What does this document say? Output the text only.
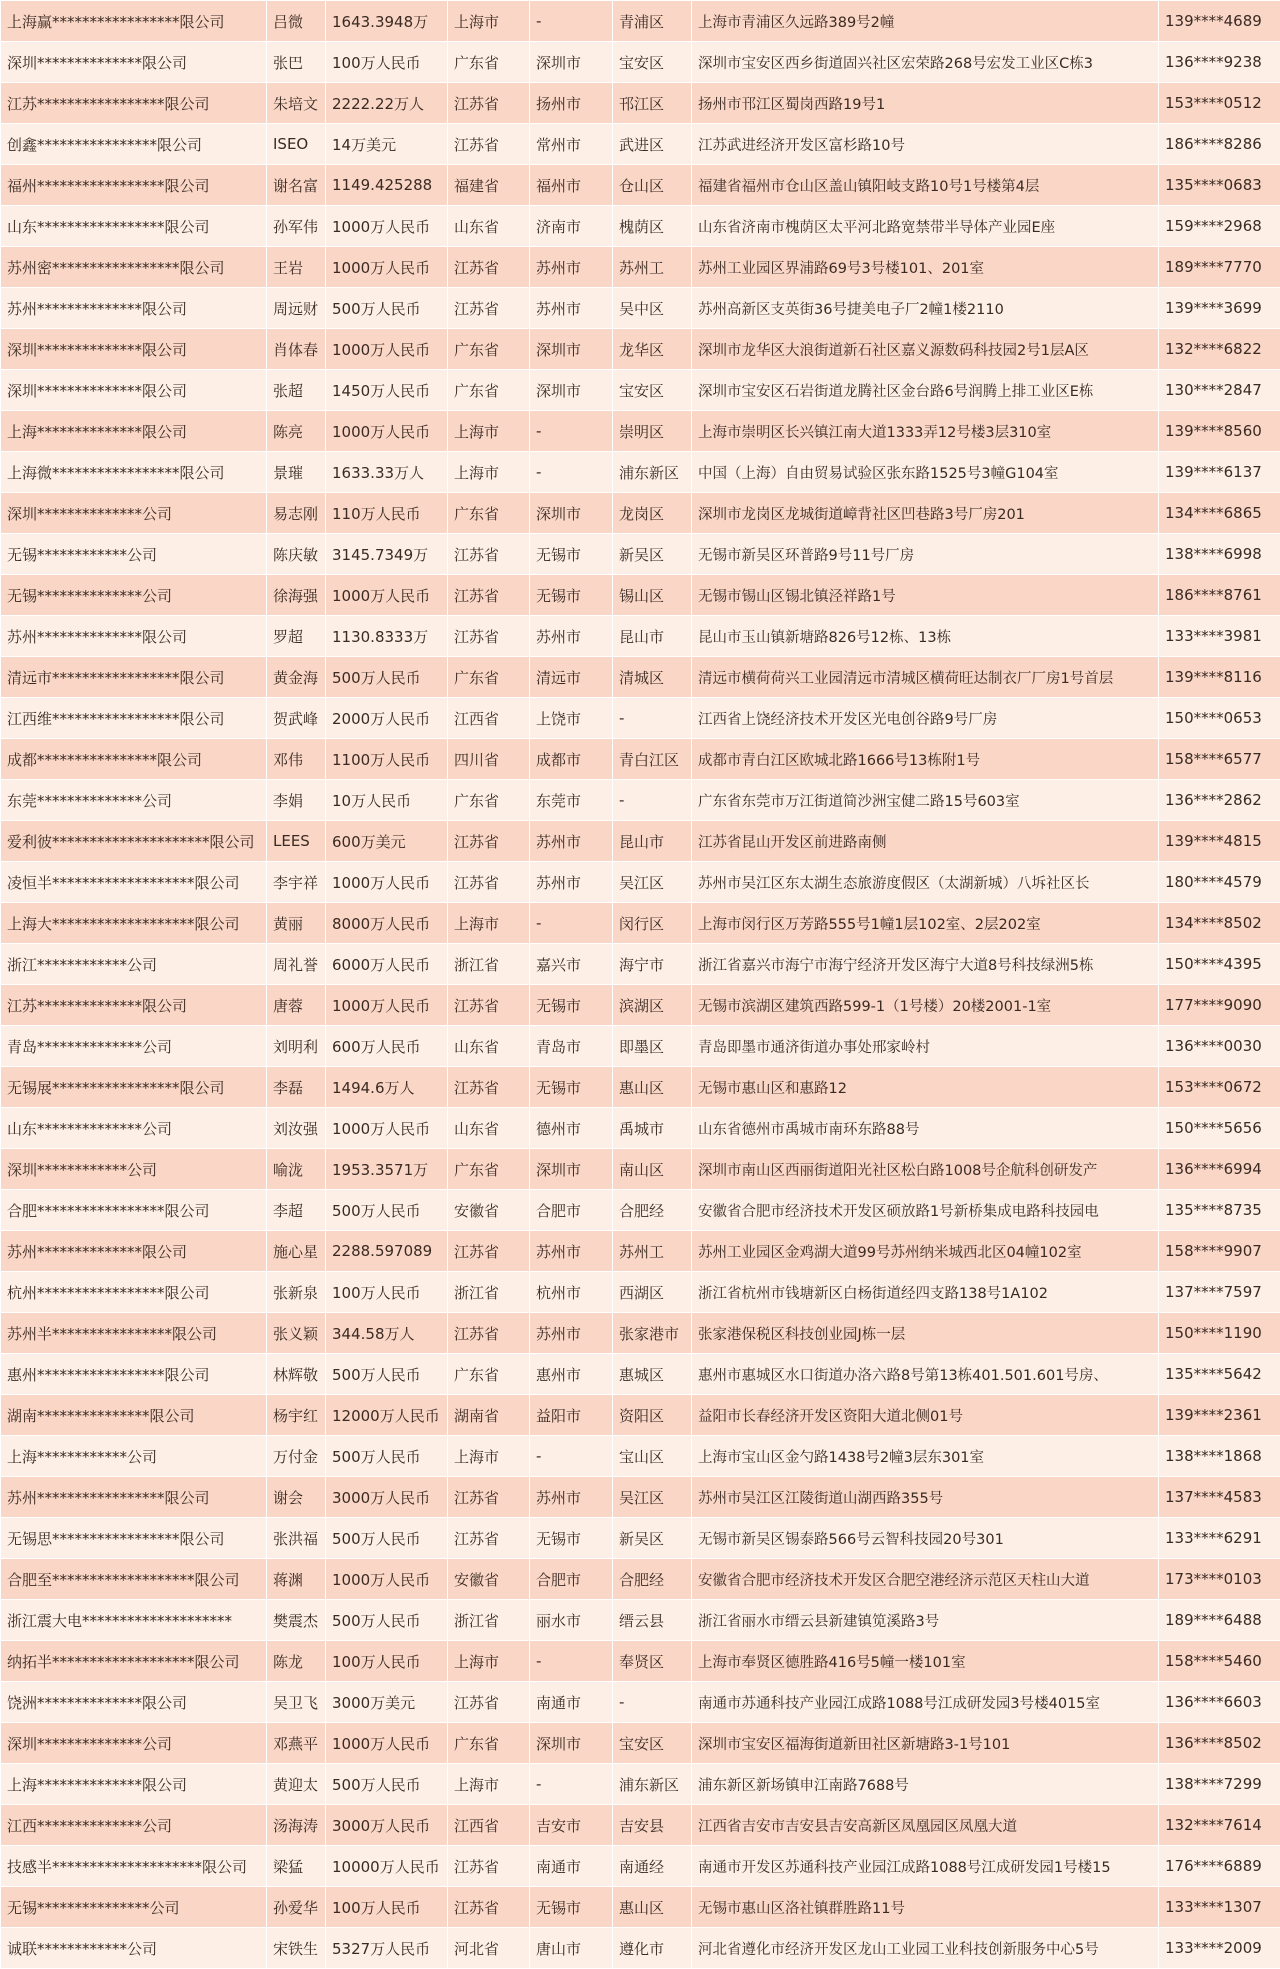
上海赢*****************限公司	吕微	1643.3948万	上海市	-	青浦区	上海市青浦区久远路389号2幢	139****4689
深圳**************限公司	张巴	100万人民币	广东省	深圳市	宝安区	深圳市宝安区西乡街道固兴社区宏荣路268号宏发工业区C栋3	136****9238
江苏*****************限公司	朱培文	2222.22万人	江苏省	扬州市	邗江区	扬州市邗江区蜀岗西路19号1	153****0512
创鑫****************限公司	ISEO	14万美元	江苏省	常州市	武进区	江苏武进经济开发区富杉路10号	186****8286
福州*****************限公司	谢名富	1149.425288	福建省	福州市	仓山区	福建省福州市仓山区盖山镇阳岐支路10号1号楼第4层	135****0683
山东*****************限公司	孙军伟	1000万人民币	山东省	济南市	槐荫区	山东省济南市槐荫区太平河北路宽禁带半导体产业园E座	159****2968
苏州密*****************限公司	王岩	1000万人民币	江苏省	苏州市	苏州工	苏州工业园区界浦路69号3号楼101、201室	189****7770
苏州**************限公司	周远财	500万人民币	江苏省	苏州市	吴中区	苏州高新区支英街36号捷美电子厂2幢1楼2110	139****3699
深圳**************限公司	肖体春	1000万人民币	广东省	深圳市	龙华区	深圳市龙华区大浪街道新石社区嘉义源数码科技园2号1层A区	132****6822
深圳**************限公司	张超	1450万人民币	广东省	深圳市	宝安区	深圳市宝安区石岩街道龙腾社区金台路6号润腾上排工业区E栋	130****2847
上海**************限公司	陈亮	1000万人民币	上海市	-	崇明区	上海市崇明区长兴镇江南大道1333弄12号楼3层310室	139****8560
上海微*****************限公司	景璀	1633.33万人	上海市	-	浦东新区	中国（上海）自由贸易试验区张东路1525号3幢G104室	139****6137
深圳**************公司	易志刚	110万人民币	广东省	深圳市	龙岗区	深圳市龙岗区龙城街道嶂背社区凹巷路3号厂房201	134****6865
无锡************公司	陈庆敏	3145.7349万	江苏省	无锡市	新吴区	无锡市新吴区环普路9号11号厂房	138****6998
无锡**************公司	徐海强	1000万人民币	江苏省	无锡市	锡山区	无锡市锡山区锡北镇泾祥路1号	186****8761
苏州**************限公司	罗超	1130.8333万	江苏省	苏州市	昆山市	昆山市玉山镇新塘路826号12栋、13栋	133****3981
清远市*****************限公司	黄金海	500万人民币	广东省	清远市	清城区	清远市横荷荷兴工业园清远市清城区横荷旺达制衣厂厂房1号首层	139****8116
江西维*****************限公司	贺武峰	2000万人民币	江西省	上饶市	-	江西省上饶经济技术开发区光电创谷路9号厂房	150****0653
成都****************限公司	邓伟	1100万人民币	四川省	成都市	青白江区	成都市青白江区欧城北路1666号13栋附1号	158****6577
东莞**************公司	李娟	10万人民币	广东省	东莞市	-	广东省东莞市万江街道简沙洲宝健二路15号603室	136****2862
爱利彼*********************限公司	LEES	600万美元	江苏省	苏州市	昆山市	江苏省昆山开发区前进路南侧	139****4815
凌恒半*******************限公司	李宇祥	1000万人民币	江苏省	苏州市	吴江区	苏州市吴江区东太湖生态旅游度假区（太湖新城）八坼社区长	180****4579
上海大*******************限公司	黄丽	8000万人民币	上海市	-	闵行区	上海市闵行区万芳路555号1幢1层102室、2层202室	134****8502
浙江************公司	周礼誉	6000万人民币	浙江省	嘉兴市	海宁市	浙江省嘉兴市海宁市海宁经济开发区海宁大道8号科技绿洲5栋	150****4395
江苏**************限公司	唐蓉	1000万人民币	江苏省	无锡市	滨湖区	无锡市滨湖区建筑西路599-1（1号楼）20楼2001-1室	177****9090
青岛**************公司	刘明利	600万人民币	山东省	青岛市	即墨区	青岛即墨市通济街道办事处邢家岭村	136****0030
无锡展*****************限公司	李磊	1494.6万人	江苏省	无锡市	惠山区	无锡市惠山区和惠路12	153****0672
山东**************公司	刘汝强	1000万人民币	山东省	德州市	禹城市	山东省德州市禹城市南环东路88号	150****5656
深圳************公司	喻泷	1953.3571万	广东省	深圳市	南山区	深圳市南山区西丽街道阳光社区松白路1008号企航科创研发产	136****6994
合肥*****************限公司	李超	500万人民币	安徽省	合肥市	合肥经	安徽省合肥市经济技术开发区硕放路1号新桥集成电路科技园电	135****8735
苏州**************限公司	施心星	2288.597089	江苏省	苏州市	苏州工	苏州工业园区金鸡湖大道99号苏州纳米城西北区04幢102室	158****9907
杭州*****************限公司	张新泉	100万人民币	浙江省	杭州市	西湖区	浙江省杭州市钱塘新区白杨街道经四支路138号1A102	137****7597
苏州半****************限公司	张义颖	344.58万人	江苏省	苏州市	张家港市	张家港保税区科技创业园J栋一层	150****1190
惠州*****************限公司	林辉敬	500万人民币	广东省	惠州市	惠城区	惠州市惠城区水口街道办洛六路8号第13栋401.501.601号房、	135****5642
湖南***************限公司	杨宇红	12000万人民币	湖南省	益阳市	资阳区	益阳市长春经济开发区资阳大道北侧01号	139****2361
上海************公司	万付金	500万人民币	上海市	-	宝山区	上海市宝山区金勺路1438号2幢3层东301室	138****1868
苏州*****************限公司	谢会	3000万人民币	江苏省	苏州市	吴江区	苏州市吴江区江陵街道山湖西路355号	137****4583
无锡思*****************限公司	张洪福	500万人民币	江苏省	无锡市	新吴区	无锡市新吴区锡泰路566号云智科技园20号301	133****6291
合肥至*******************限公司	蒋渊	1000万人民币	安徽省	合肥市	合肥经	安徽省合肥市经济技术开发区合肥空港经济示范区天柱山大道	173****0103
浙江震大电********************	樊震杰	500万人民币	浙江省	丽水市	缙云县	浙江省丽水市缙云县新建镇笕溪路3号	189****6488
纳拓半*******************限公司	陈龙	100万人民币	上海市	-	奉贤区	上海市奉贤区德胜路416号5幢一楼101室	158****5460
饶洲**************限公司	吴卫飞	3000万美元	江苏省	南通市	-	南通市苏通科技产业园江成路1088号江成研发园3号楼4015室	136****6603
深圳**************公司	邓燕平	1000万人民币	广东省	深圳市	宝安区	深圳市宝安区福海街道新田社区新塘路3-1号101	136****8502
上海**************限公司	黄迎太	500万人民币	上海市	-	浦东新区	浦东新区新场镇申江南路7688号	138****7299
江西**************公司	汤海涛	3000万人民币	江西省	吉安市	吉安县	江西省吉安市吉安县吉安高新区凤凰园区凤凰大道	132****7614
技感半********************限公司	梁猛	10000万人民币	江苏省	南通市	南通经	南通市开发区苏通科技产业园江成路1088号江成研发园1号楼15	176****6889
无锡***************公司	孙爱华	100万人民币	江苏省	无锡市	惠山区	无锡市惠山区洛社镇群胜路11号	133****1307
诚联************公司	宋铁生	5327万人民币	河北省	唐山市	遵化市	河北省遵化市经济开发区龙山工业园工业科技创新服务中心5号	133****2009
